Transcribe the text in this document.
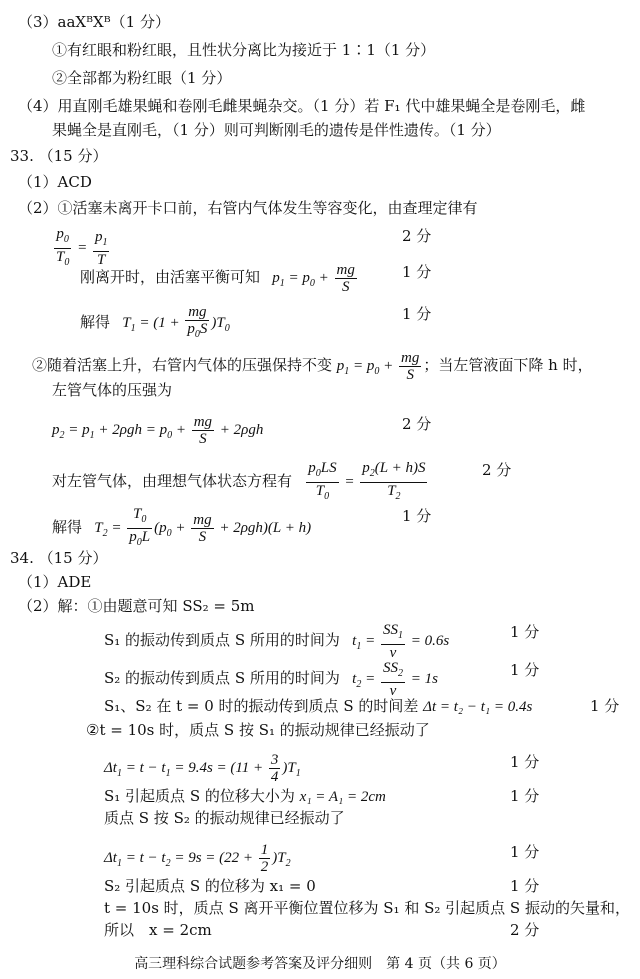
（3）aaXᴮXᴮ（1 分）
①有红眼和粉红眼，且性状分离比为接近于 1∶1（1 分）
②全部都为粉红眼（1 分）
（4）用直刚毛雄果蝇和卷刚毛雌果蝇杂交。（1 分）若 F₁ 代中雄果蝇全是卷刚毛，雌
果蝇全是直刚毛，（1 分）则可判断刚毛的遗传是伴性遗传。（1 分）
33. （15 分）
（1）ACD
（2）①活塞未离开卡口前，右管内气体发生等容变化，由查理定律有
$\frac{p_0}{T_0} = \frac{p_1}{T}$	2 分
刚离开时，由活塞平衡可知   $p_1 = p_0 + \frac{mg}{S}$	1 分
解得   $T_1 = (1 + \frac{mg}{p_0S} )T_0$
1 分
②随着活塞上升，右管内气体的压强保持不变 $p_1 = p_0 + \frac{mg}{S}$ ；当左管液面下降 h 时，
左管气体的压强为
$p_2 = p_1 + 2\rho gh = p_0 + \frac{mg}{S} + 2\rho gh$	2 分
对左管气体，由理想气体状态方程有 $\frac{p_0LS}{T_0} = \frac{p_2(L + h)S}{T_2}$	2 分
解得   $T_2 = \frac{T_0}{p_0L} (p_0 + \frac{mg}{S} + 2\rho gh)(L + h)$
1 分
34. （15 分）
（1）ADE
（2）解：①由题意可知 SS₂ = 5m
S₁ 的振动传到质点 S 所用的时间为   $t_1 = \frac{SS_1}{v} = 0.6s$	1 分
S₂ 的振动传到质点 S 所用的时间为   $t_2 = \frac{SS_2}{v} = 1s$	1 分
S₁、S₂ 在 t = 0 时的振动传到质点 S 的时间差 Δt = t₂ − t₁ = 0.4s	1 分
②t = 10s 时，质点 S 按 S₁ 的振动规律已经振动了
$\Delta t_1 = t - t_1 = 9.4s = (11 + \frac{3}{4} )T_1$
1 分
S₁ 引起质点 S 的位移大小为 x₁ = A₁ = 2cm	1 分
质点 S 按 S₂ 的振动规律已经振动了
$\Delta t_1 = t - t_2 = 9s = (22 + \frac{1}{2} )T_2$
1 分
S₂ 引起质点 S 的位移为 x₁ = 0	1 分
t = 10s 时，质点 S 离开平衡位置位移为 S₁ 和 S₂ 引起质点 S 振动的矢量和，
所以　x = 2cm	2 分
高三理科综合试题参考答案及评分细则　第 4 页（共 6 页）
